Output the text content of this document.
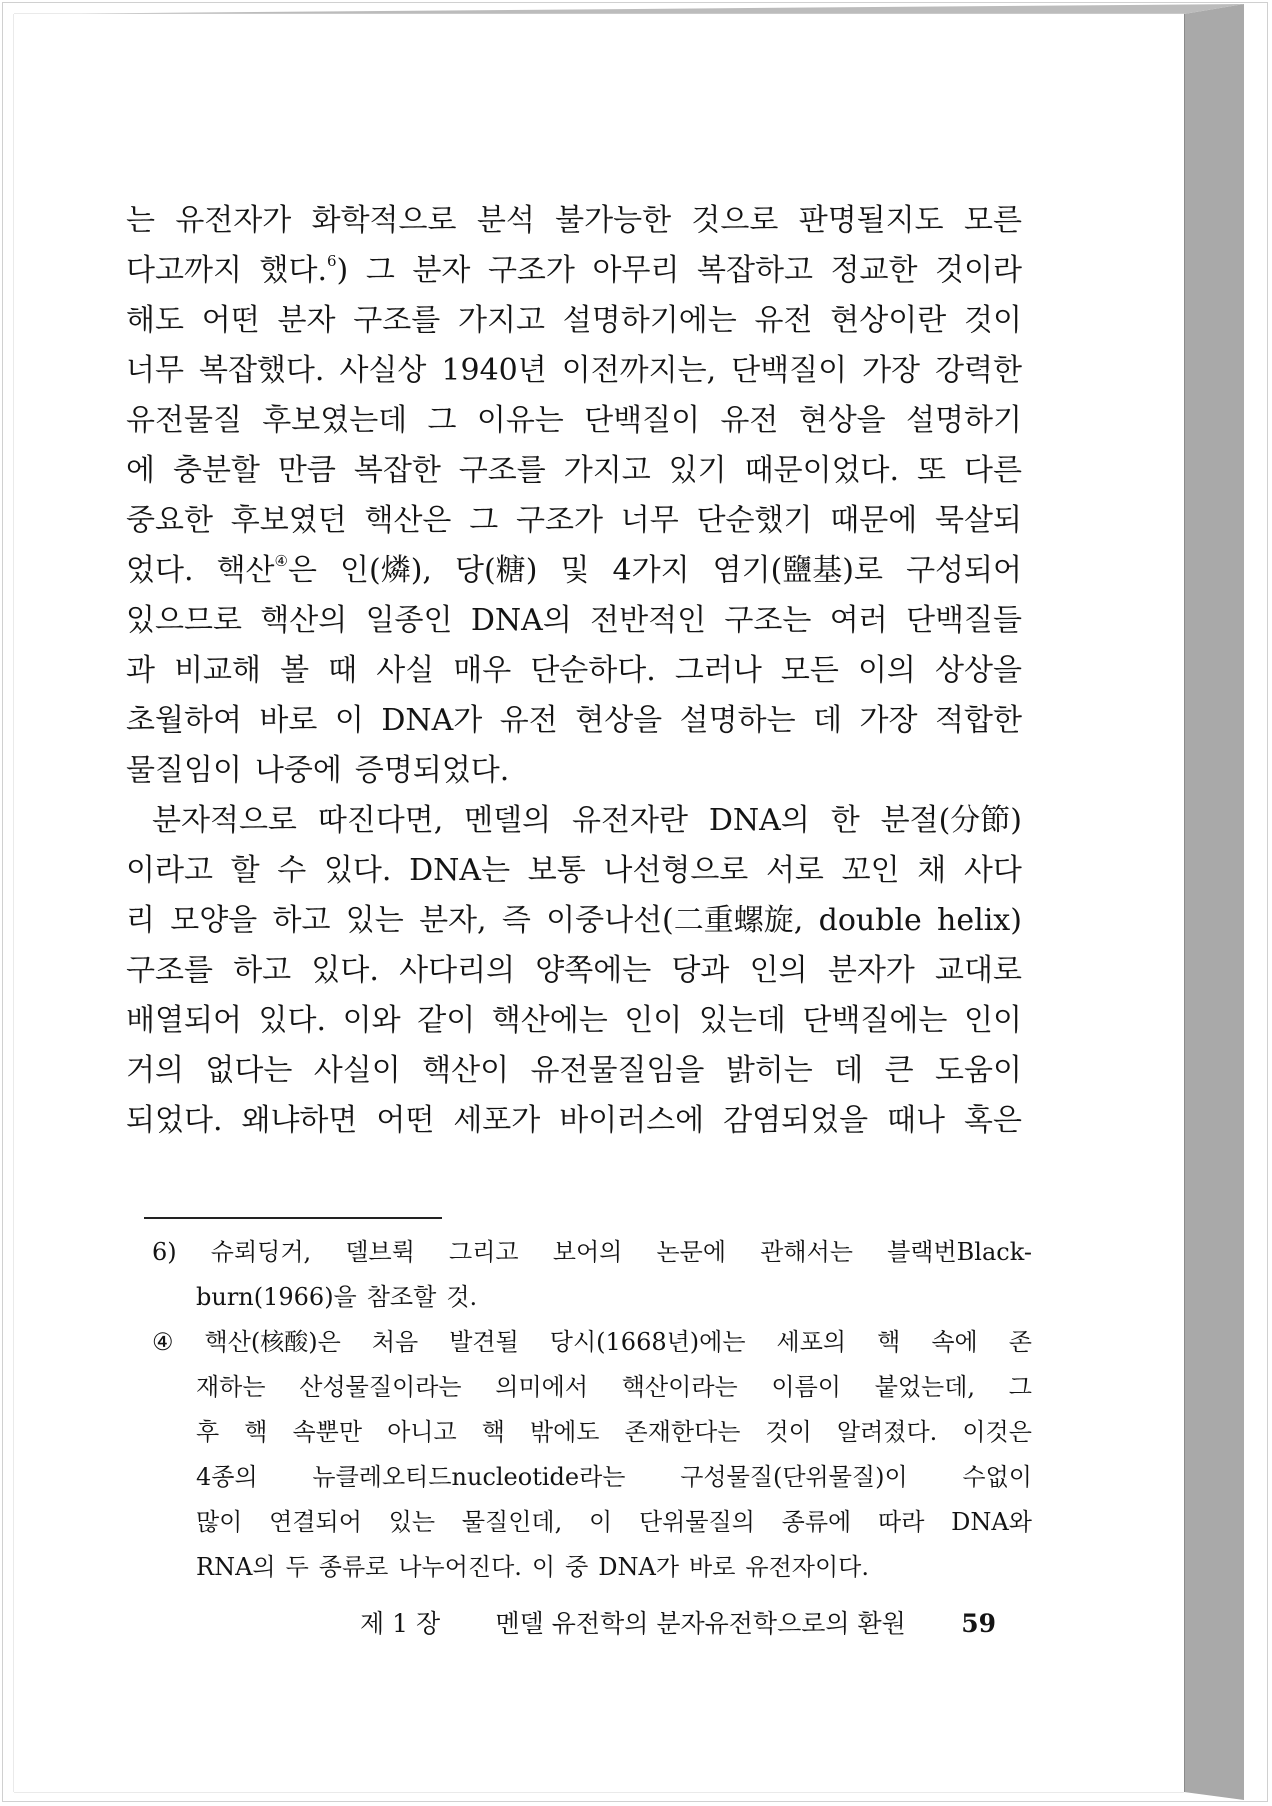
는 유전자가 화학적으로 분석 불가능한 것으로 판명될지도 모른
다고까지 했다.$^6$) 그 분자 구조가 아무리 복잡하고 정교한 것이라
해도 어떤 분자 구조를 가지고 설명하기에는 유전 현상이란 것이
너무 복잡했다. 사실상 1940년 이전까지는, 단백질이 가장 강력한
유전물질 후보였는데 그 이유는 단백질이 유전 현상을 설명하기
에 충분할 만큼 복잡한 구조를 가지고 있기 때문이었다. 또 다른
중요한 후보였던 핵산은 그 구조가 너무 단순했기 때문에 묵살되
었다. 핵산④은 인(燐), 당(糖) 및 4가지 염기(鹽基)로 구성되어
있으므로 핵산의 일종인 DNA의 전반적인 구조는 여러 단백질들
과 비교해 볼 때 사실 매우 단순하다. 그러나 모든 이의 상상을
초월하여 바로 이 DNA가 유전 현상을 설명하는 데 가장 적합한
물질임이 나중에 증명되었다.
분자적으로 따진다면, 멘델의 유전자란 DNA의 한 분절(分節)
이라고 할 수 있다. DNA는 보통 나선형으로 서로 꼬인 채 사다
리 모양을 하고 있는 분자, 즉 이중나선(二重螺旋, double helix)
구조를 하고 있다. 사다리의 양쪽에는 당과 인의 분자가 교대로
배열되어 있다. 이와 같이 핵산에는 인이 있는데 단백질에는 인이
거의 없다는 사실이 핵산이 유전물질임을 밝히는 데 큰 도움이
되었다. 왜냐하면 어떤 세포가 바이러스에 감염되었을 때나 혹은
6) 슈뢰딩거, 델브뤽 그리고 보어의 논문에 관해서는 블랙번Black-
burn(1966)을 참조할 것.
④ 핵산(核酸)은 처음 발견될 당시(1668년)에는 세포의 핵 속에 존
재하는 산성물질이라는 의미에서 핵산이라는 이름이 붙었는데, 그
후 핵 속뿐만 아니고 핵 밖에도 존재한다는 것이 알려졌다. 이것은
4종의 뉴클레오티드nucleotide라는 구성물질(단위물질)이 수없이
많이 연결되어 있는 물질인데, 이 단위물질의 종류에 따라 DNA와
RNA의 두 종류로 나누어진다. 이 중 DNA가 바로 유전자이다.
제 1 장 멘델 유전학의 분자유전학으로의 환원 59
